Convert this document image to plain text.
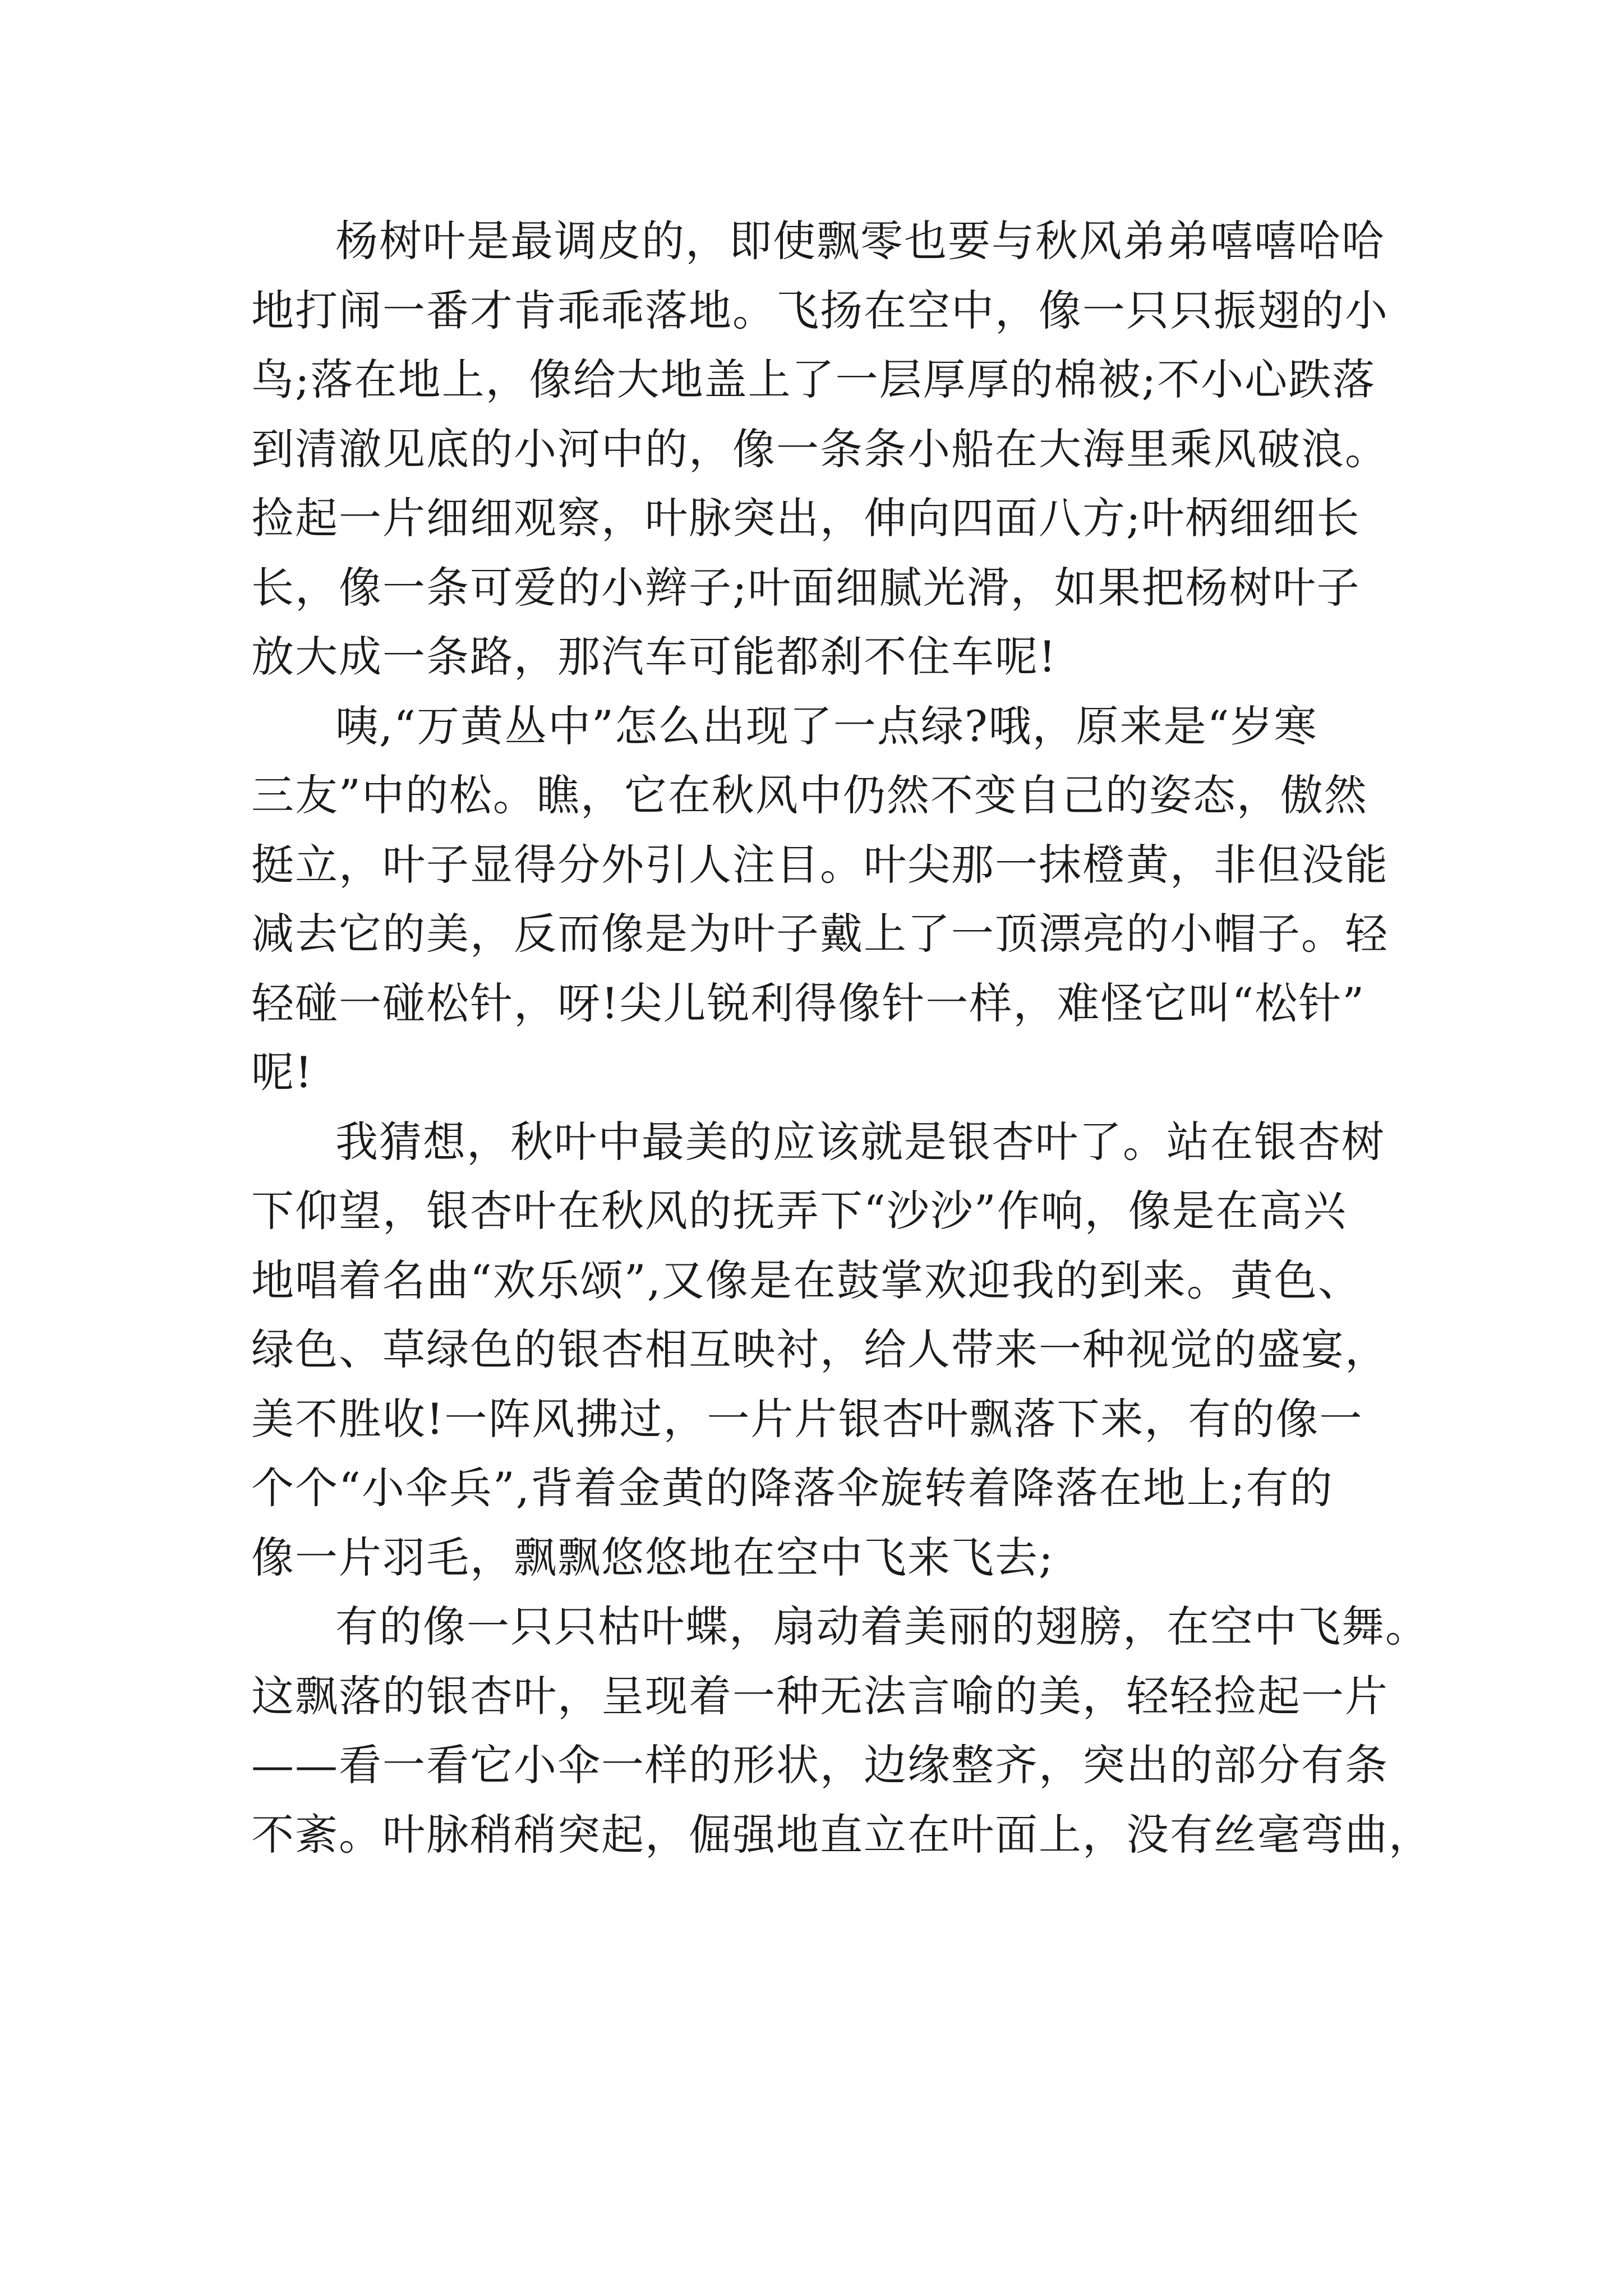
杨树叶是最调皮的，即使飘零也要与秋风弟弟嘻嘻哈哈
地打闹一番才肯乖乖落地。飞扬在空中，像一只只振翅的小
鸟;落在地上，像给大地盖上了一层厚厚的棉被;不小心跌落
到清澈见底的小河中的，像一条条小船在大海里乘风破浪。
捡起一片细细观察，叶脉突出，伸向四面八方;叶柄细细长
长，像一条可爱的小辫子;叶面细腻光滑，如果把杨树叶子
放大成一条路，那汽车可能都刹不住车呢!

咦,“万黄丛中”怎么出现了一点绿?哦，原来是“岁寒
三友”中的松。瞧，它在秋风中仍然不变自己的姿态，傲然
挺立，叶子显得分外引人注目。叶尖那一抹橙黄，非但没能
减去它的美，反而像是为叶子戴上了一顶漂亮的小帽子。轻
轻碰一碰松针，呀!尖儿锐利得像针一样，难怪它叫“松针”
呢!

我猜想，秋叶中最美的应该就是银杏叶了。站在银杏树
下仰望，银杏叶在秋风的抚弄下“沙沙”作响，像是在高兴
地唱着名曲“欢乐颂”,又像是在鼓掌欢迎我的到来。黄色、
绿色、草绿色的银杏相互映衬，给人带来一种视觉的盛宴，
美不胜收!一阵风拂过，一片片银杏叶飘落下来，有的像一
个个“小伞兵”,背着金黄的降落伞旋转着降落在地上;有的
像一片羽毛，飘飘悠悠地在空中飞来飞去;

有的像一只只枯叶蝶，扇动着美丽的翅膀，在空中飞舞。
这飘落的银杏叶，呈现着一种无法言喻的美，轻轻捡起一片
——看一看它小伞一样的形状，边缘整齐，突出的部分有条
不紊。叶脉稍稍突起，倔强地直立在叶面上，没有丝毫弯曲，
